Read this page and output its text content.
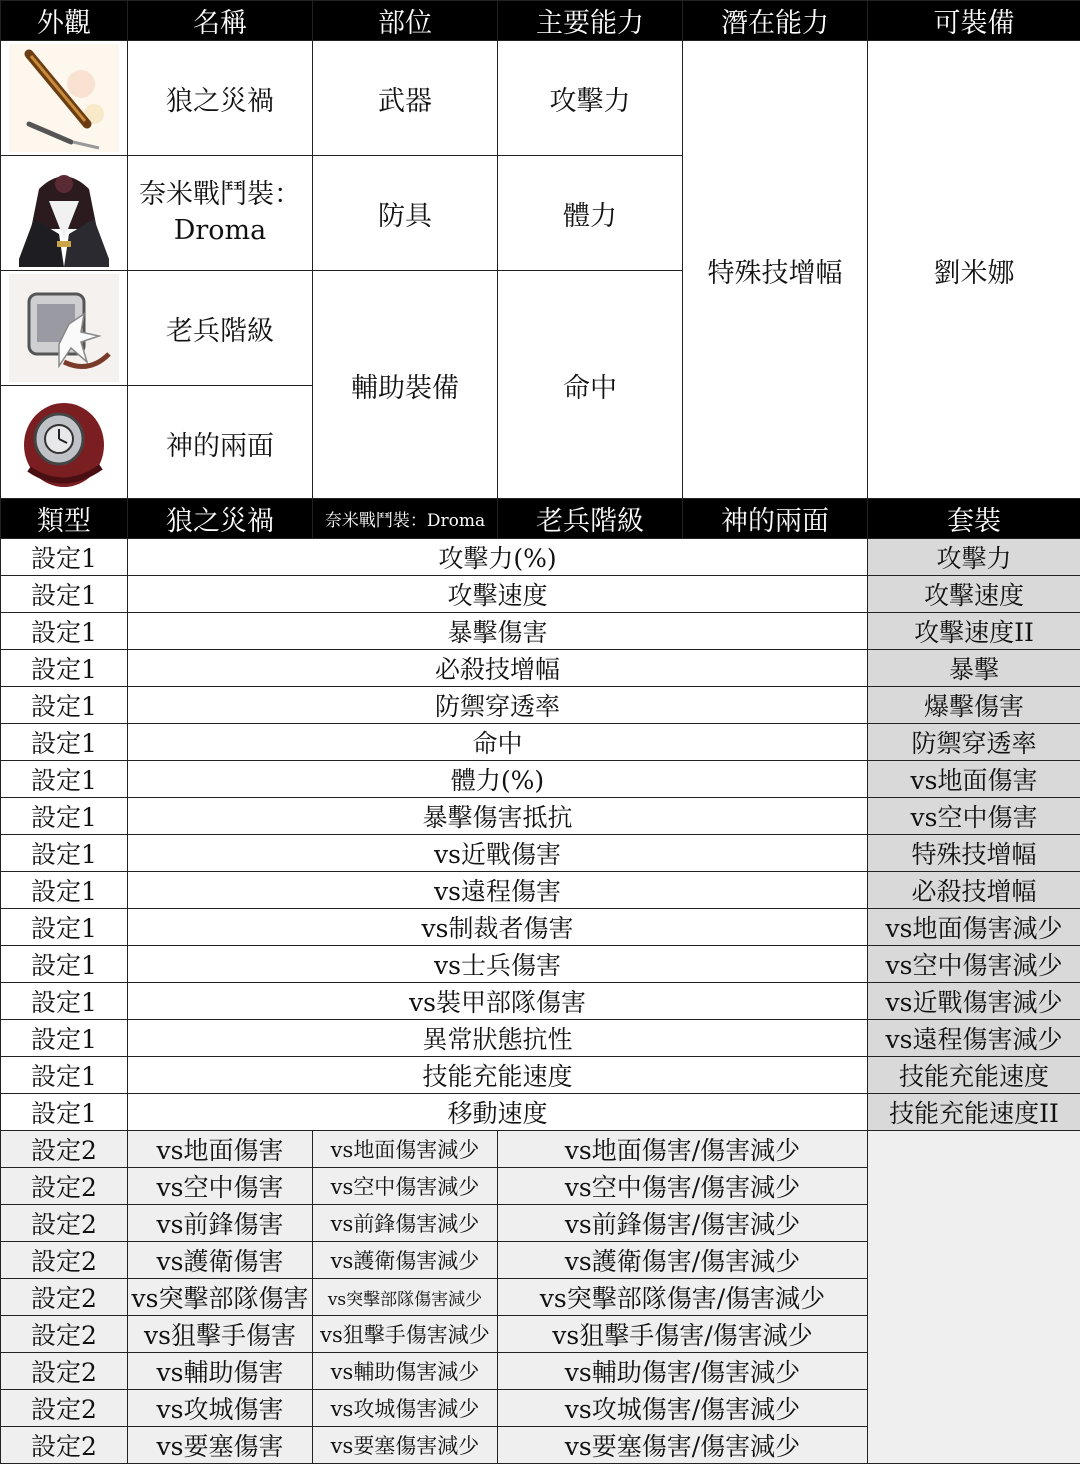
外觀	名稱	部位	主要能力	潛在能力	可裝備

	狼之災禍	武器	攻擊力	特殊技增幅	劉米娜

奈米戰鬥裝：
Droma	防具	體力		

	老兵階級	輔助裝備	命中		

	神的兩面				
類型	狼之災禍	奈米戰鬥裝：Droma	老兵階級	神的兩面	套裝
設定1	攻擊力(%)				攻擊力
設定1	攻擊速度				攻擊速度
設定1	暴擊傷害				攻擊速度II
設定1	必殺技增幅				暴擊
設定1	防禦穿透率				爆擊傷害
設定1	命中				防禦穿透率
設定1	體力(%)				vs地面傷害
設定1	暴擊傷害抵抗				vs空中傷害
設定1	vs近戰傷害				特殊技增幅
設定1	vs遠程傷害				必殺技增幅
設定1	vs制裁者傷害				vs地面傷害減少
設定1	vs士兵傷害				vs空中傷害減少
設定1	vs裝甲部隊傷害				vs近戰傷害減少
設定1	異常狀態抗性				vs遠程傷害減少
設定1	技能充能速度				技能充能速度
設定1	移動速度				技能充能速度II
設定2	vs地面傷害	vs地面傷害減少	vs地面傷害/傷害減少		
設定2	vs空中傷害	vs空中傷害減少	vs空中傷害/傷害減少		
設定2	vs前鋒傷害	vs前鋒傷害減少	vs前鋒傷害/傷害減少		
設定2	vs護衛傷害	vs護衛傷害減少	vs護衛傷害/傷害減少		
設定2	vs突擊部隊傷害	vs突擊部隊傷害減少	vs突擊部隊傷害/傷害減少		
設定2	vs狙擊手傷害	vs狙擊手傷害減少	vs狙擊手傷害/傷害減少		
設定2	vs輔助傷害	vs輔助傷害減少	vs輔助傷害/傷害減少		
設定2	vs攻城傷害	vs攻城傷害減少	vs攻城傷害/傷害減少		
設定2	vs要塞傷害	vs要塞傷害減少	vs要塞傷害/傷害減少		
